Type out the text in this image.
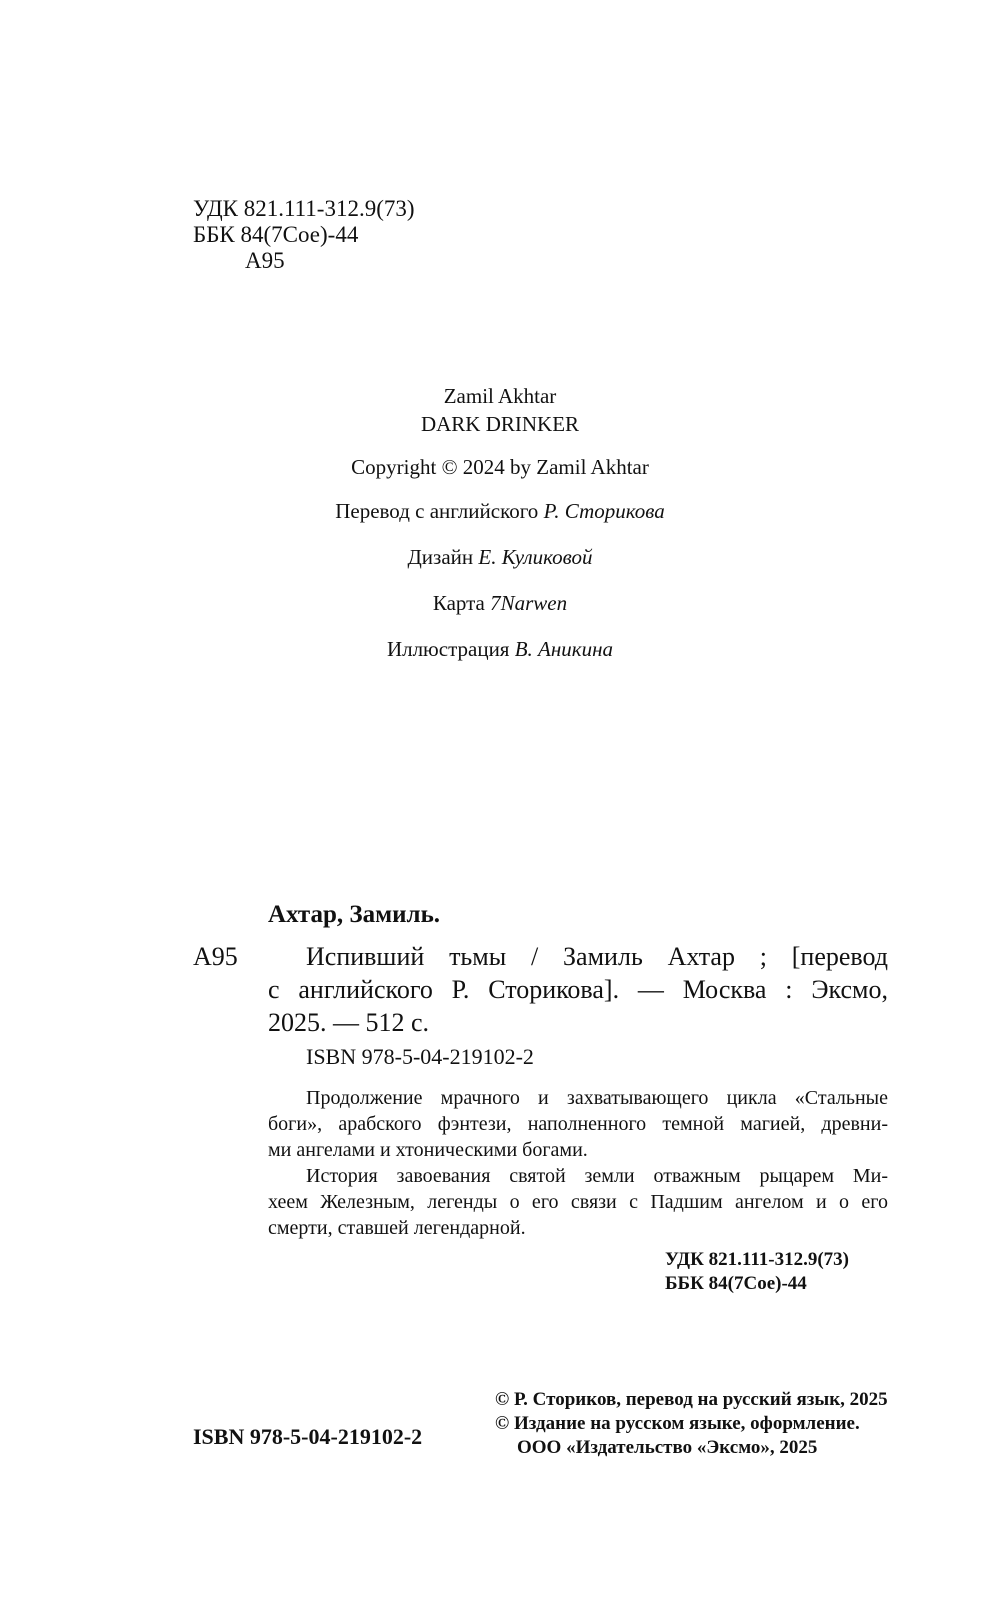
УДК 821.111-312.9(73)
ББК 84(7Сое)-44
А95
Zamil Akhtar
DARK DRINKER
Copyright © 2024 by Zamil Akhtar
Перевод с английского Р. Сторикова
Дизайн Е. Куликовой
Карта 7Narwen
Иллюстрация В. Аникина
Ахтар, Замиль.
А95	Испивший тьмы / Замиль Ахтар ; [перевод
с английского Р. Сторикова]. — Москва : Эксмо,
2025. — 512 с.
ISBN 978-5-04-219102-2
Продолжение мрачного и захватывающего цикла «Стальные
боги», арабского фэнтези, наполненного темной магией, древни-
ми ангелами и хтоническими богами.
История завоевания святой земли отважным рыцарем Ми-
хеем Железным, легенды о его связи с Падшим ангелом и о его
смерти, ставшей легендарной.
УДК 821.111-312.9(73)
ББК 84(7Сое)-44
ISBN 978-5-04-219102-2
© Р. Сториков, перевод на русский язык, 2025
© Издание на русском языке, оформление.
ООО «Издательство «Эксмо», 2025
